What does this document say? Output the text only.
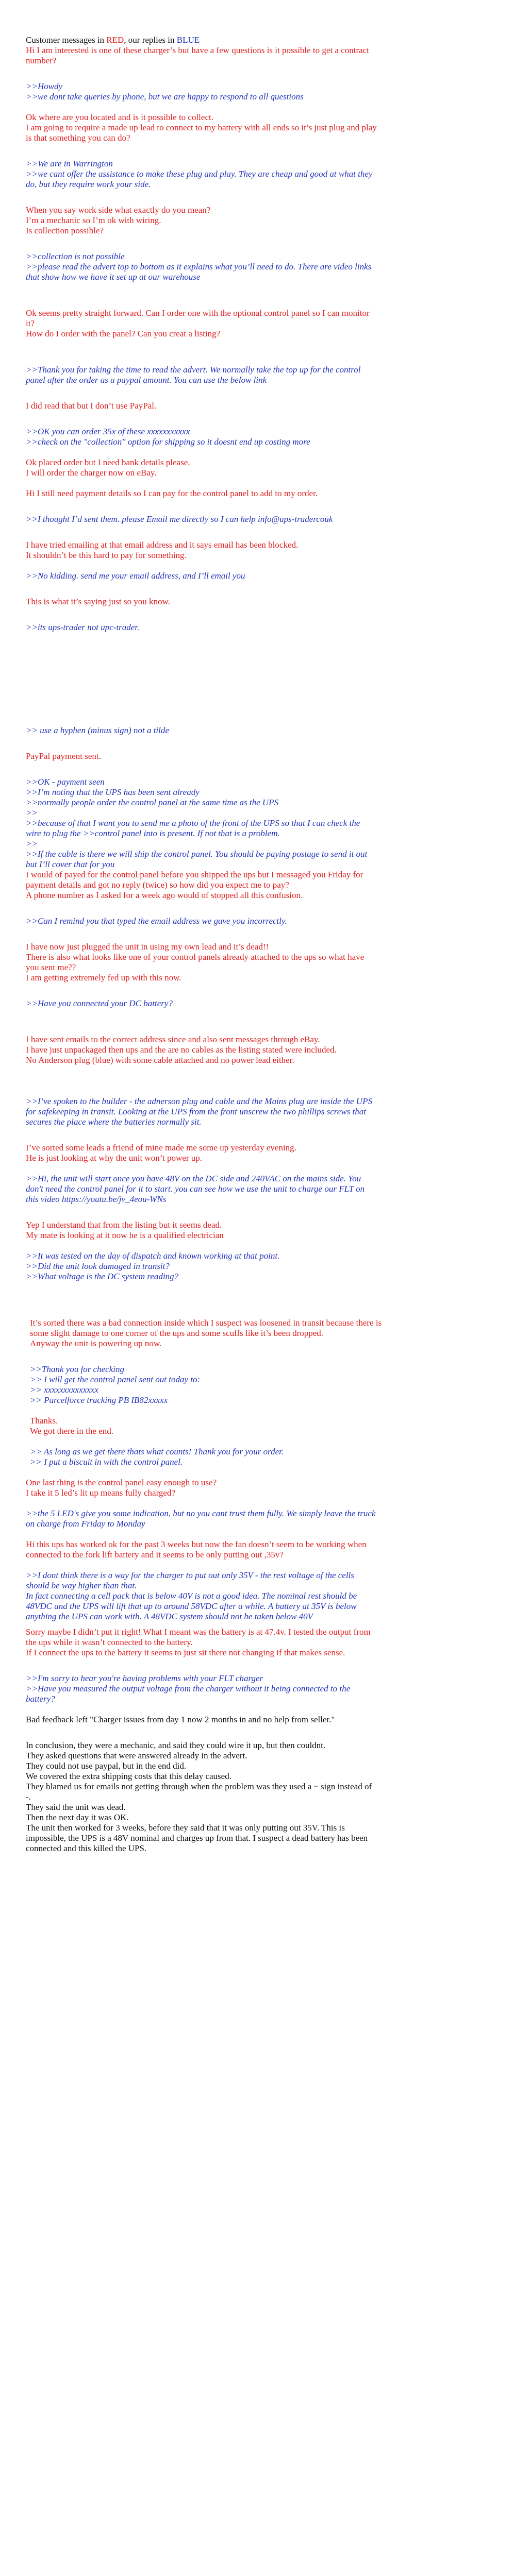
Customer messages in RED, our replies in BLUE
Hi I am interested is one of these charger’s but have a few questions is it possible to get a contract
number?
>>Howdy
>>we dont take queries by phone, but we are happy to respond to all questions
Ok where are you located and is it possible to collect.
I am going to require a made up lead to connect to my battery with all ends so it’s just plug and play
is that something you can do?
>>We are in Warrington
>>we cant offer the assistance to make these plug and play. They are cheap and good at what they
do, but they require work your side.
When you say work side what exactly do you mean?
I’m a mechanic so I’m ok with wiring.
Is collection possible?
>>collection is not possible
>>please read the advert top to bottom as it explains what you’ll need to do. There are video links
that show how we have it set up at our warehouse
Ok seems pretty straight forward. Can I order one with the optional control panel so I can monitor
it?
How do I order with the panel? Can you creat a listing?
>>Thank you for taking the time to read the advert. We normally take the top up for the control
panel after the order as a paypal amount. You can use the below link
I did read that but I don’t use PayPal.
>>OK you can order 35x of these xxxxxxxxxxx
>>check on the "collection" option for shipping so it doesnt end up costing more
Ok placed order but I need bank details please.
I will order the charger now on eBay.
Hi I still need payment details so I can pay for the control panel to add to my order.
>>I thought I’d sent them. please Email me directly so I can help info@ups-tradercouk
I have tried emailing at that email address and it says email has been blocked.
It shouldn’t be this hard to pay for something.
>>No kidding. send me your email address, and I’ll email you
This is what it’s saying just so you know.
>>its ups-trader not upc-trader.
>> use a hyphen (minus sign) not a tilde
PayPal payment sent.
>>OK - payment seen
>>I’m noting that the UPS has been sent already
>>normally people order the control panel at the same time as the UPS
>>
>>because of that I want you to send me a photo of the front of the UPS so that I can check the
wire to plug the >>control panel into is present. If not that is a problem.
>>
>>If the cable is there we will ship the control panel. You should be paying postage to send it out
but I’ll cover that for you
I would of payed for the control panel before you shipped the ups but I messaged you Friday for
payment details and got no reply (twice) so how did you expect me to pay?
A phone number as I asked for a week ago would of stopped all this confusion.
>>Can I remind you that typed the email address we gave you incorrectly.
I have now just plugged the unit in using my own lead and it’s dead!!
There is also what looks like one of your control panels already attached to the ups so what have
you sent me??
I am getting extremely fed up with this now.
>>Have you connected your DC battery?
I have sent emails to the correct address since and also sent messages through eBay.
I have just unpackaged then ups and the are no cables as the listing stated were included.
No Anderson plug (blue) with some cable attached and no power lead either.
>>I’ve spoken to the builder - the adnerson plug and cable and the Mains plug are inside the UPS
for safekeeping in transit. Looking at the UPS from the front unscrew the two phillips screws that
secures the place where the batteries normally sit.
I’ve sorted some leads a friend of mine made me some up yesterday evening.
He is just looking at why the unit won’t power up.
>>Hi, the unit will start once you have 48V on the DC side and 240VAC on the mains side. You
don't need the control panel for it to start. you can see how we use the unit to charge our FLT on
this video https://youtu.be/jv_4eou-WNs
Yep I understand that from the listing but it seems dead.
My mate is looking at it now he is a qualified electrician
>>It was tested on the day of dispatch and known working at that point.
>>Did the unit look damaged in transit?
>>What voltage is the DC system reading?
It’s sorted there was a bad connection inside which I suspect was loosened in transit because there is
some slight damage to one corner of the ups and some scuffs like it’s been dropped.
Anyway the unit is powering up now.
>>Thank you for checking
>> I will get the control panel sent out today to:
>> xxxxxxxxxxxxxx
>> Parcelforce tracking PB IB82xxxxx
Thanks.
We got there in the end.
>> As long as we get there thats what counts! Thank you for your order.
>> I put a biscuit in with the control panel.
One last thing is the control panel easy enough to use?
I take it 5 led’s lit up means fully charged?
>>the 5 LED's give you some indication, but no you cant trust them fully. We simply leave the truck
on charge from Friday to Monday
Hi this ups has worked ok for the past 3 weeks but now the fan doesn’t seem to be working when
connected to the fork lift battery and it seems to be only putting out ,35v?
>>I dont think there is a way for the charger to put out only 35V - the rest voltage of the cells
should be way higher than that.
In fact connecting a cell pack that is below 40V is not a good idea. The nominal rest should be
48VDC and the UPS will lift that up to around 58VDC after a while. A battery at 35V is below
anything the UPS can work with. A 48VDC system should not be taken below 40V
Sorry maybe I didn’t put it right! What I meant was the battery is at 47.4v. I tested the output from
the ups while it wasn’t connected to the battery.
If I connect the ups to the battery it seems to just sit there not changing if that makes sense.
>>I'm sorry to hear you're having problems with your FLT charger
>>Have you measured the output voltage from the charger without it being connected to the
battery?
Bad feedback left "Charger issues from day 1 now 2 months in and no help from seller."
In conclusion, they were a mechanic, and said they could wire it up, but then couldnt.
They asked questions that were answered already in the advert.
They could not use paypal, but in the end did.
We covered the extra shipping costs that this delay caused.
They blamed us for emails not getting through when the problem was they used a ~ sign instead of
-.
They said the unit was dead.
Then the next day it was OK.
The unit then worked for 3 weeks, before they said that it was only putting out 35V. This is
impossible, the UPS is a 48V nominal and charges up from that. I suspect a dead battery has been
connected and this killed the UPS.
